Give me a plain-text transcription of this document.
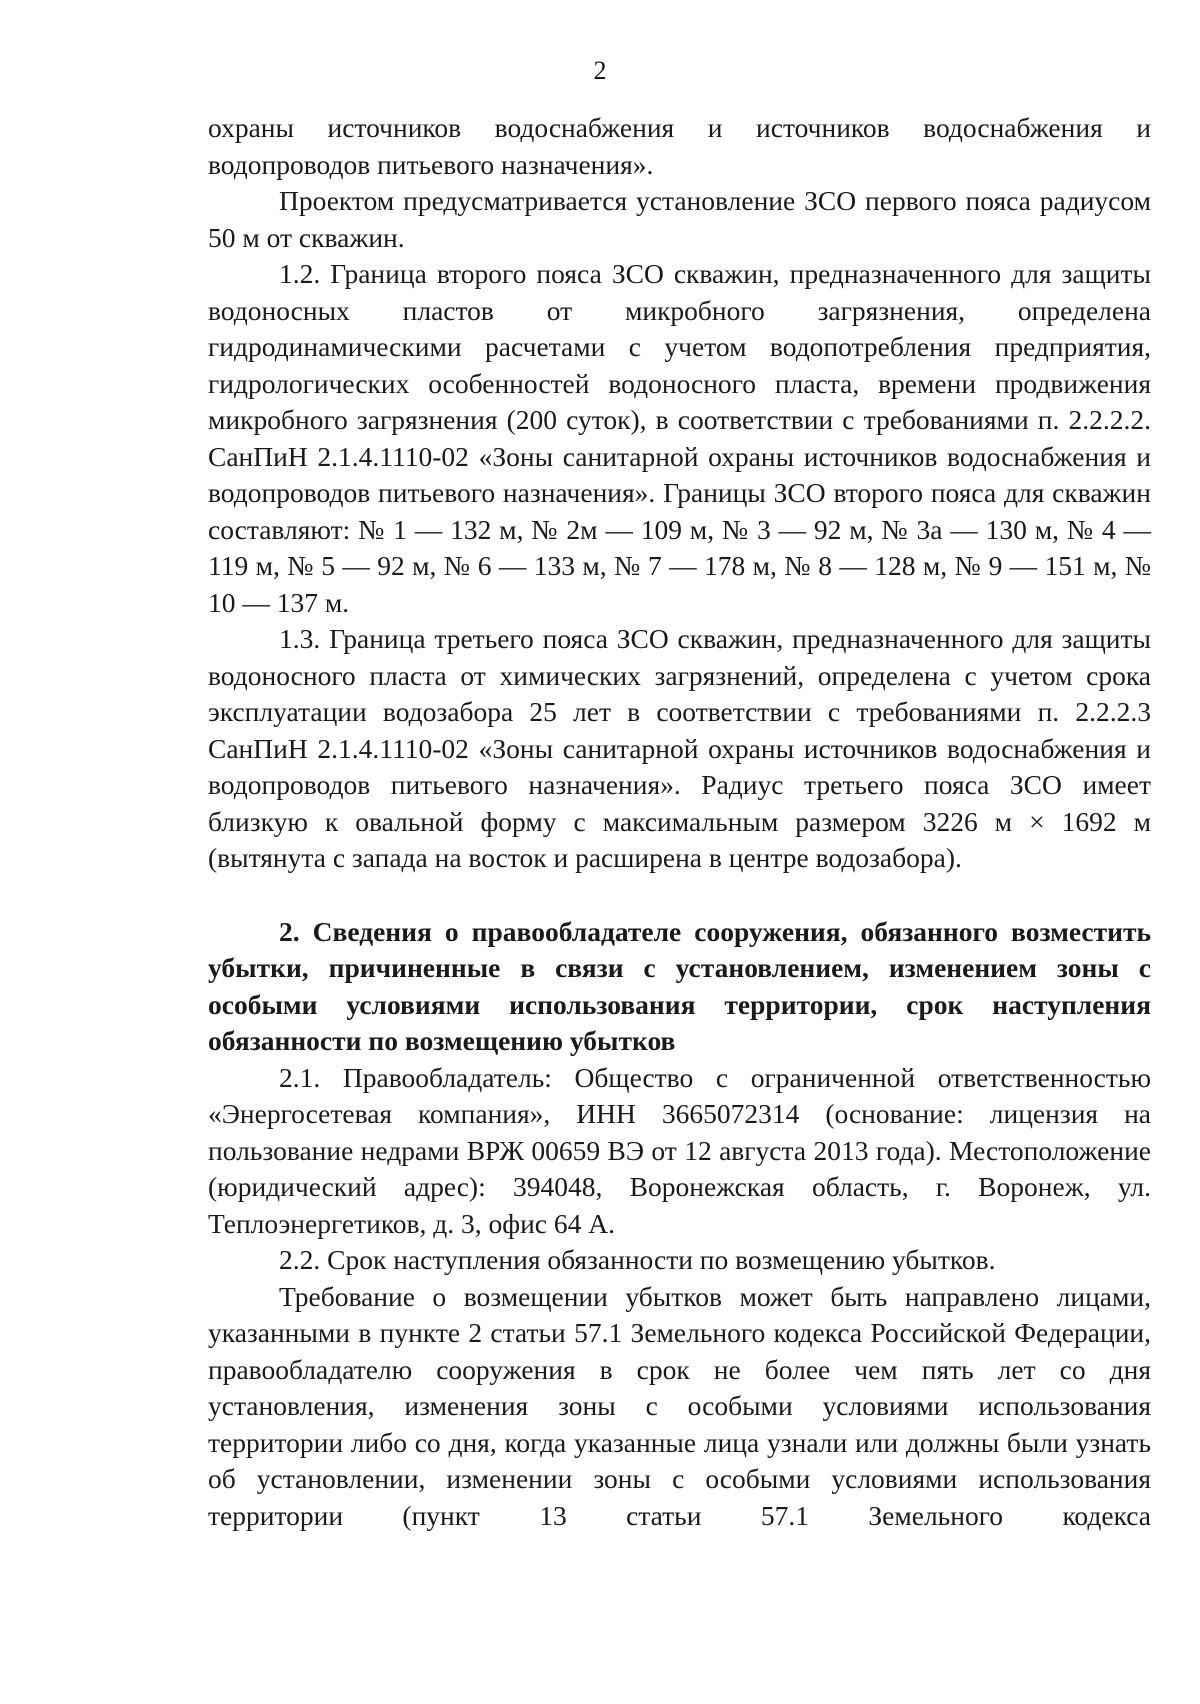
2

охраны источников водоснабжения и источников водоснабжения и водопроводов питьевого назначения».

Проектом предусматривается установление ЗСО первого пояса радиусом 50 м от скважин.

1.2. Граница второго пояса ЗСО скважин, предназначенного для защиты водоносных пластов от микробного загрязнения, определена гидродинамическими расчетами с учетом водопотребления предприятия, гидрологических особенностей водоносного пласта, времени продвижения микробного загрязнения (200 суток), в соответствии с требованиями п. 2.2.2.2. СанПиН 2.1.4.1110-02 «Зоны санитарной охраны источников водоснабжения и водопроводов питьевого назначения». Границы ЗСО второго пояса для скважин составляют: № 1 — 132 м, № 2м — 109 м, № 3 — 92 м, № 3а — 130 м, № 4 — 119 м, № 5 — 92 м, № 6 — 133 м, № 7 — 178 м, № 8 — 128 м, № 9 — 151 м, № 10 — 137 м.

1.3. Граница третьего пояса ЗСО скважин, предназначенного для защиты водоносного пласта от химических загрязнений, определена с учетом срока эксплуатации водозабора 25 лет в соответствии с требованиями п. 2.2.2.3 СанПиН 2.1.4.1110-02 «Зоны санитарной охраны источников водоснабжения и водопроводов питьевого назначения». Радиус третьего пояса ЗСО имеет близкую к овальной форму с максимальным размером 3226 м × 1692 м (вытянута с запада на восток и расширена в центре водозабора).

2. Сведения о правообладателе сооружения, обязанного возместить убытки, причиненные в связи с установлением, изменением зоны с особыми условиями использования территории, срок наступления обязанности по возмещению убытков

2.1. Правообладатель: Общество с ограниченной ответственностью «Энергосетевая компания», ИНН 3665072314 (основание: лицензия на пользование недрами ВРЖ 00659 ВЭ от 12 августа 2013 года). Местоположение (юридический адрес): 394048, Воронежская область, г. Воронеж, ул. Теплоэнергетиков, д. 3, офис 64 А.

2.2. Срок наступления обязанности по возмещению убытков.

Требование о возмещении убытков может быть направлено лицами, указанными в пункте 2 статьи 57.1 Земельного кодекса Российской Федерации, правообладателю сооружения в срок не более чем пять лет со дня установления, изменения зоны с особыми условиями использования территории либо со дня, когда указанные лица узнали или должны были узнать об установлении, изменении зоны с особыми условиями использования территории (пункт 13 статьи 57.1 Земельного кодекса
